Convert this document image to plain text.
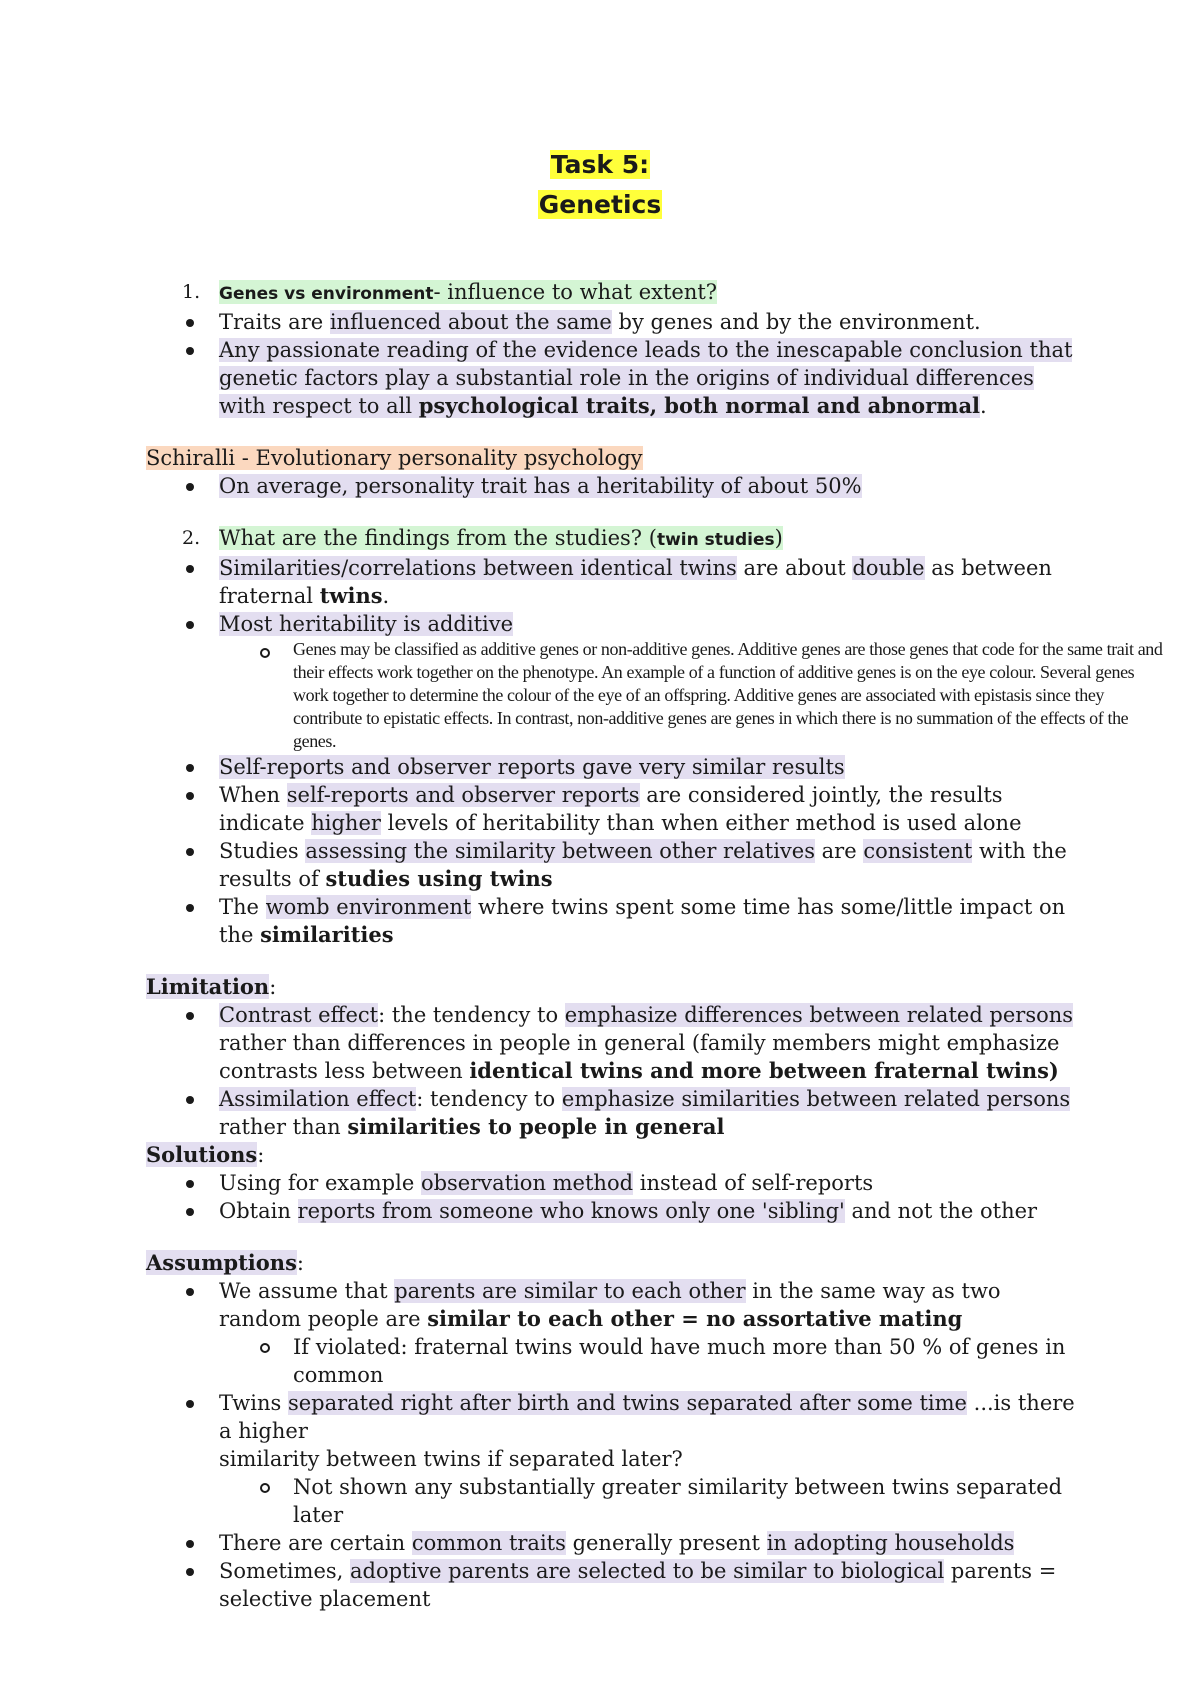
Task 5:
Genetics
1. Genes vs environment- influence to what extent?
Traits are influenced about the same by genes and by the environment.
Any passionate reading of the evidence leads to the inescapable conclusion that genetic factors play a substantial role in the origins of individual differences with respect to all psychological traits, both normal and abnormal.

Schiralli - Evolutionary personality psychology

On average, personality trait has a heritability of about 50%
2. What are the findings from the studies? (twin studies)
Similarities/correlations between identical twins are about double as between fraternal twins.
Most heritability is additive
Genes may be classified as additive genes or non-additive genes. Additive genes are those genes that code for the same trait and their effects work together on the phenotype. An example of a function of additive genes is on the eye colour. Several genes work together to determine the colour of the eye of an offspring. Additive genes are associated with epistasis since they contribute to epistatic effects. In contrast, non-additive genes are genes in which there is no summation of the effects of the genes.
Self-reports and observer reports gave very similar results
When self-reports and observer reports are considered jointly, the results indicate higher levels of heritability than when either method is used alone
Studies assessing the similarity between other relatives are consistent with the results of studies using twins
The womb environment where twins spent some time has some/little impact on the similarities

Limitation:

Contrast effect: the tendency to emphasize differences between related persons rather than differences in people in general (family members might emphasize contrasts less between identical twins and more between fraternal twins)
Assimilation effect: tendency to emphasize similarities between related persons rather than similarities to people in general

Solutions:

Using for example observation method instead of self-reports
Obtain reports from someone who knows only one 'sibling' and not the other

Assumptions:

We assume that parents are similar to each other in the same way as two random people are similar to each other = no assortative mating
If violated: fraternal twins would have much more than 50 % of genes in common
Twins separated right after birth and twins separated after some time ...is there a higher
similarity between twins if separated later?
Not shown any substantially greater similarity between twins separated later
There are certain common traits generally present in adopting households
Sometimes, adoptive parents are selected to be similar to biological parents = selective placement
